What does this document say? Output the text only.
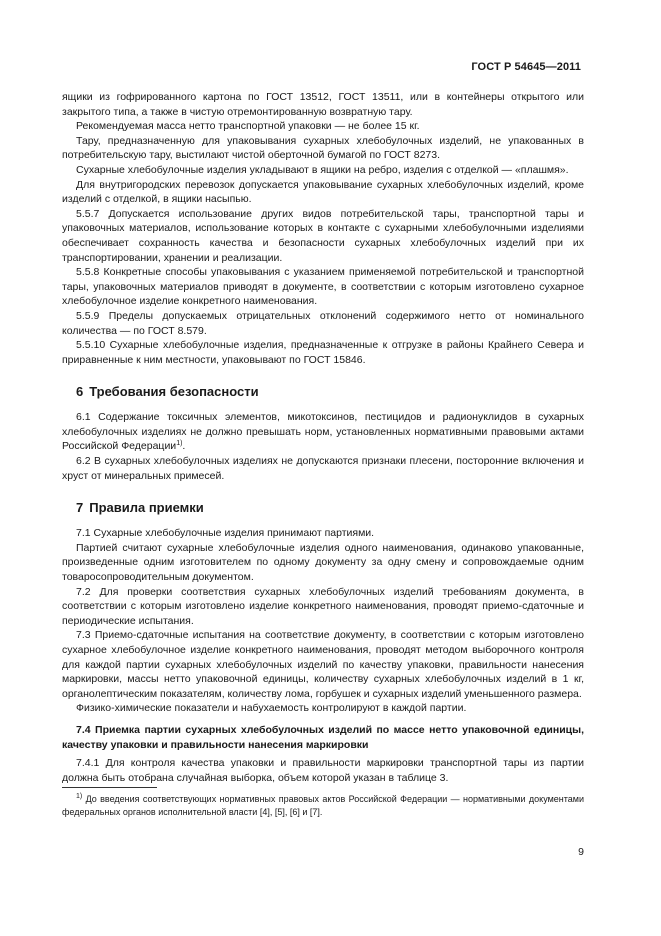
ГОСТ Р 54645—2011

ящики из гофрированного картона по ГОСТ 13512, ГОСТ 13511, или в контейнеры открытого или закрытого типа, а также в чистую отремонтированную возвратную тару.

Рекомендуемая масса нетто транспортной упаковки — не более 15 кг.

Тару, предназначенную для упаковывания сухарных хлебобулочных изделий, не упакованных в потребительскую тару, выстилают чистой оберточной бумагой по ГОСТ 8273.

Сухарные хлебобулочные изделия укладывают в ящики на ребро, изделия с отделкой — «плашмя».

Для внутригородских перевозок допускается упаковывание сухарных хлебобулочных изделий, кроме изделий с отделкой, в ящики насыпью.

5.5.7 Допускается использование других видов потребительской тары, транспортной тары и упаковочных материалов, использование которых в контакте с сухарными хлебобулочными изделиями обеспечивает сохранность качества и безопасности сухарных хлебобулочных изделий при их транспортировании, хранении и реализации.

5.5.8 Конкретные способы упаковывания с указанием применяемой потребительской и транспортной тары, упаковочных материалов приводят в документе, в соответствии с которым изготовлено сухарное хлебобулочное изделие конкретного наименования.

5.5.9 Пределы допускаемых отрицательных отклонений содержимого нетто от номинального количества — по ГОСТ 8.579.

5.5.10 Сухарные хлебобулочные изделия, предназначенные к отгрузке в районы Крайнего Севера и приравненные к ним местности, упаковывают по ГОСТ 15846.

6 Требования безопасности

6.1 Содержание токсичных элементов, микотоксинов, пестицидов и радионуклидов в сухарных хлебобулочных изделиях не должно превышать норм, установленных нормативными правовыми актами Российской Федерации$^{1)}$.

6.2 В сухарных хлебобулочных изделиях не допускаются признаки плесени, посторонние включения и хруст от минеральных примесей.

7 Правила приемки

7.1 Сухарные хлебобулочные изделия принимают партиями.

Партией считают сухарные хлебобулочные изделия одного наименования, одинаково упакованные, произведенные одним изготовителем по одному документу за одну смену и сопровождаемые одним товаросопроводительным документом.

7.2 Для проверки соответствия сухарных хлебобулочных изделий требованиям документа, в соответствии с которым изготовлено изделие конкретного наименования, проводят приемо-сдаточные и периодические испытания.

7.3 Приемо-сдаточные испытания на соответствие документу, в соответствии с которым изготовлено сухарное хлебобулочное изделие конкретного наименования, проводят методом выборочного контроля для каждой партии сухарных хлебобулочных изделий по качеству упаковки, правильности нанесения маркировки, массы нетто упаковочной единицы, количеству сухарных хлебобулочных изделий в 1 кг, органолептическим показателям, количеству лома, горбушек и сухарных изделий уменьшенного размера.

Физико-химические показатели и набухаемость контролируют в каждой партии.

7.4 Приемка партии сухарных хлебобулочных изделий по массе нетто упаковочной единицы, качеству упаковки и правильности нанесения маркировки

7.4.1 Для контроля качества упаковки и правильности маркировки транспортной тары из партии должна быть отобрана случайная выборка, объем которой указан в таблице 3.

$^{1)}$ До введения соответствующих нормативных правовых актов Российской Федерации — нормативными документами федеральных органов исполнительной власти [4], [5], [6] и [7].

9
